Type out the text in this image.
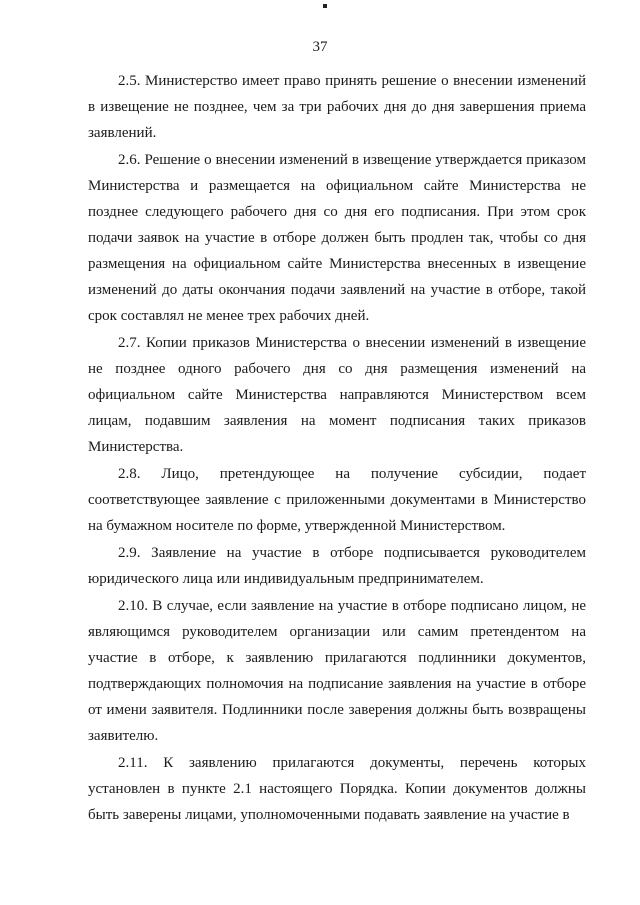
37

2.5. Министерство имеет право принять решение о внесении изменений в извещение не позднее, чем за три рабочих дня до дня завершения приема заявлений.

2.6. Решение о внесении изменений в извещение утверждается приказом Министерства и размещается на официальном сайте Министерства не позднее следующего рабочего дня со дня его подписания. При этом срок подачи заявок на участие в отборе должен быть продлен так, чтобы со дня размещения на официальном сайте Министерства внесенных в извещение изменений до даты окончания подачи заявлений на участие в отборе, такой срок составлял не менее трех рабочих дней.

2.7. Копии приказов Министерства о внесении изменений в извещение не позднее одного рабочего дня со дня размещения изменений на официальном сайте Министерства направляются Министерством всем лицам, подавшим заявления на момент подписания таких приказов Министерства.

2.8. Лицо, претендующее на получение субсидии, подает соответствующее заявление с приложенными документами в Министерство на бумажном носителе по форме, утвержденной Министерством.

2.9. Заявление на участие в отборе подписывается руководителем юридического лица или индивидуальным предпринимателем.

2.10. В случае, если заявление на участие в отборе подписано лицом, не являющимся руководителем организации или самим претендентом на участие в отборе, к заявлению прилагаются подлинники документов, подтверждающих полномочия на подписание заявления на участие в отборе от имени заявителя. Подлинники после заверения должны быть возвращены заявителю.

2.11. К заявлению прилагаются документы, перечень которых установлен в пункте 2.1 настоящего Порядка. Копии документов должны быть заверены лицами, уполномоченными подавать заявление на участие в
